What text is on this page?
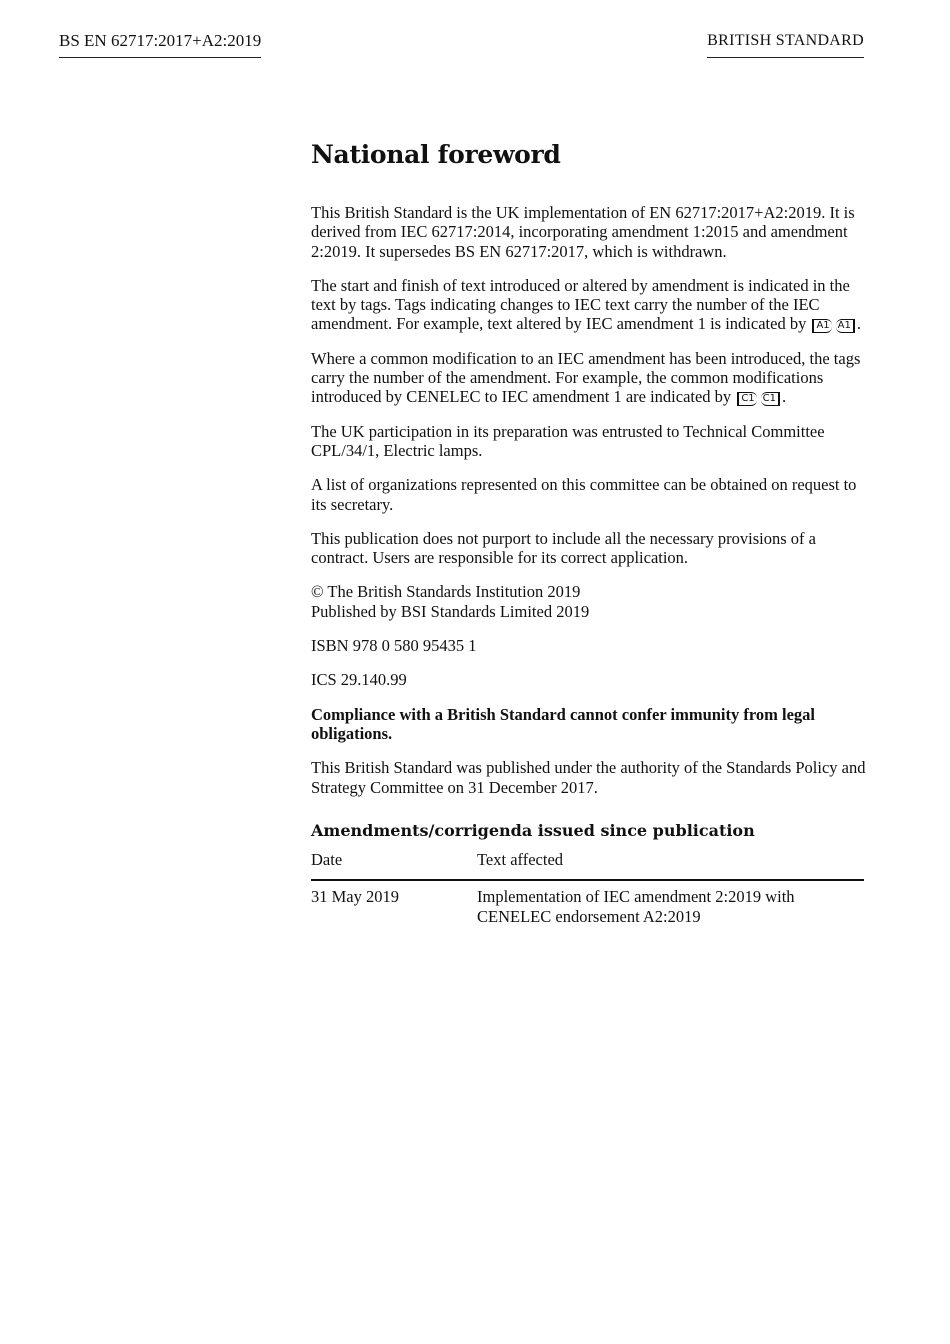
BS EN 62717:2017+A2:2019	BRITISH STANDARD
National foreword

This British Standard is the UK implementation of EN 62717:2017+A2:2019. It is derived from IEC 62717:2014, incorporating amendment 1:2015 and amendment 2:2019. It supersedes BS EN 62717:2017, which is withdrawn.

The start and finish of text introduced or altered by amendment is indicated in the text by tags. Tags indicating changes to IEC text carry the number of the IEC amendment. For example, text altered by IEC amendment 1 is indicated by A1 A1 .

Where a common modification to an IEC amendment has been introduced, the tags carry the number of the amendment. For example, the common modifications introduced by CENELEC to IEC amendment 1 are indicated by C1 C1 .

The UK participation in its preparation was entrusted to Technical Committee CPL/34/1, Electric lamps.

A list of organizations represented on this committee can be obtained on request to its secretary.

This publication does not purport to include all the necessary provisions of a contract. Users are responsible for its correct application.

© The British Standards Institution 2019
Published by BSI Standards Limited 2019

ISBN 978 0 580 95435 1

ICS 29.140.99

Compliance with a British Standard cannot confer immunity from legal obligations.

This British Standard was published under the authority of the Standards Policy and Strategy Committee on 31 December 2017.

Amendments/corrigenda issued since publication
Date	Text affected
31 May 2019	Implementation of IEC amendment 2:2019 with CENELEC endorsement A2:2019
